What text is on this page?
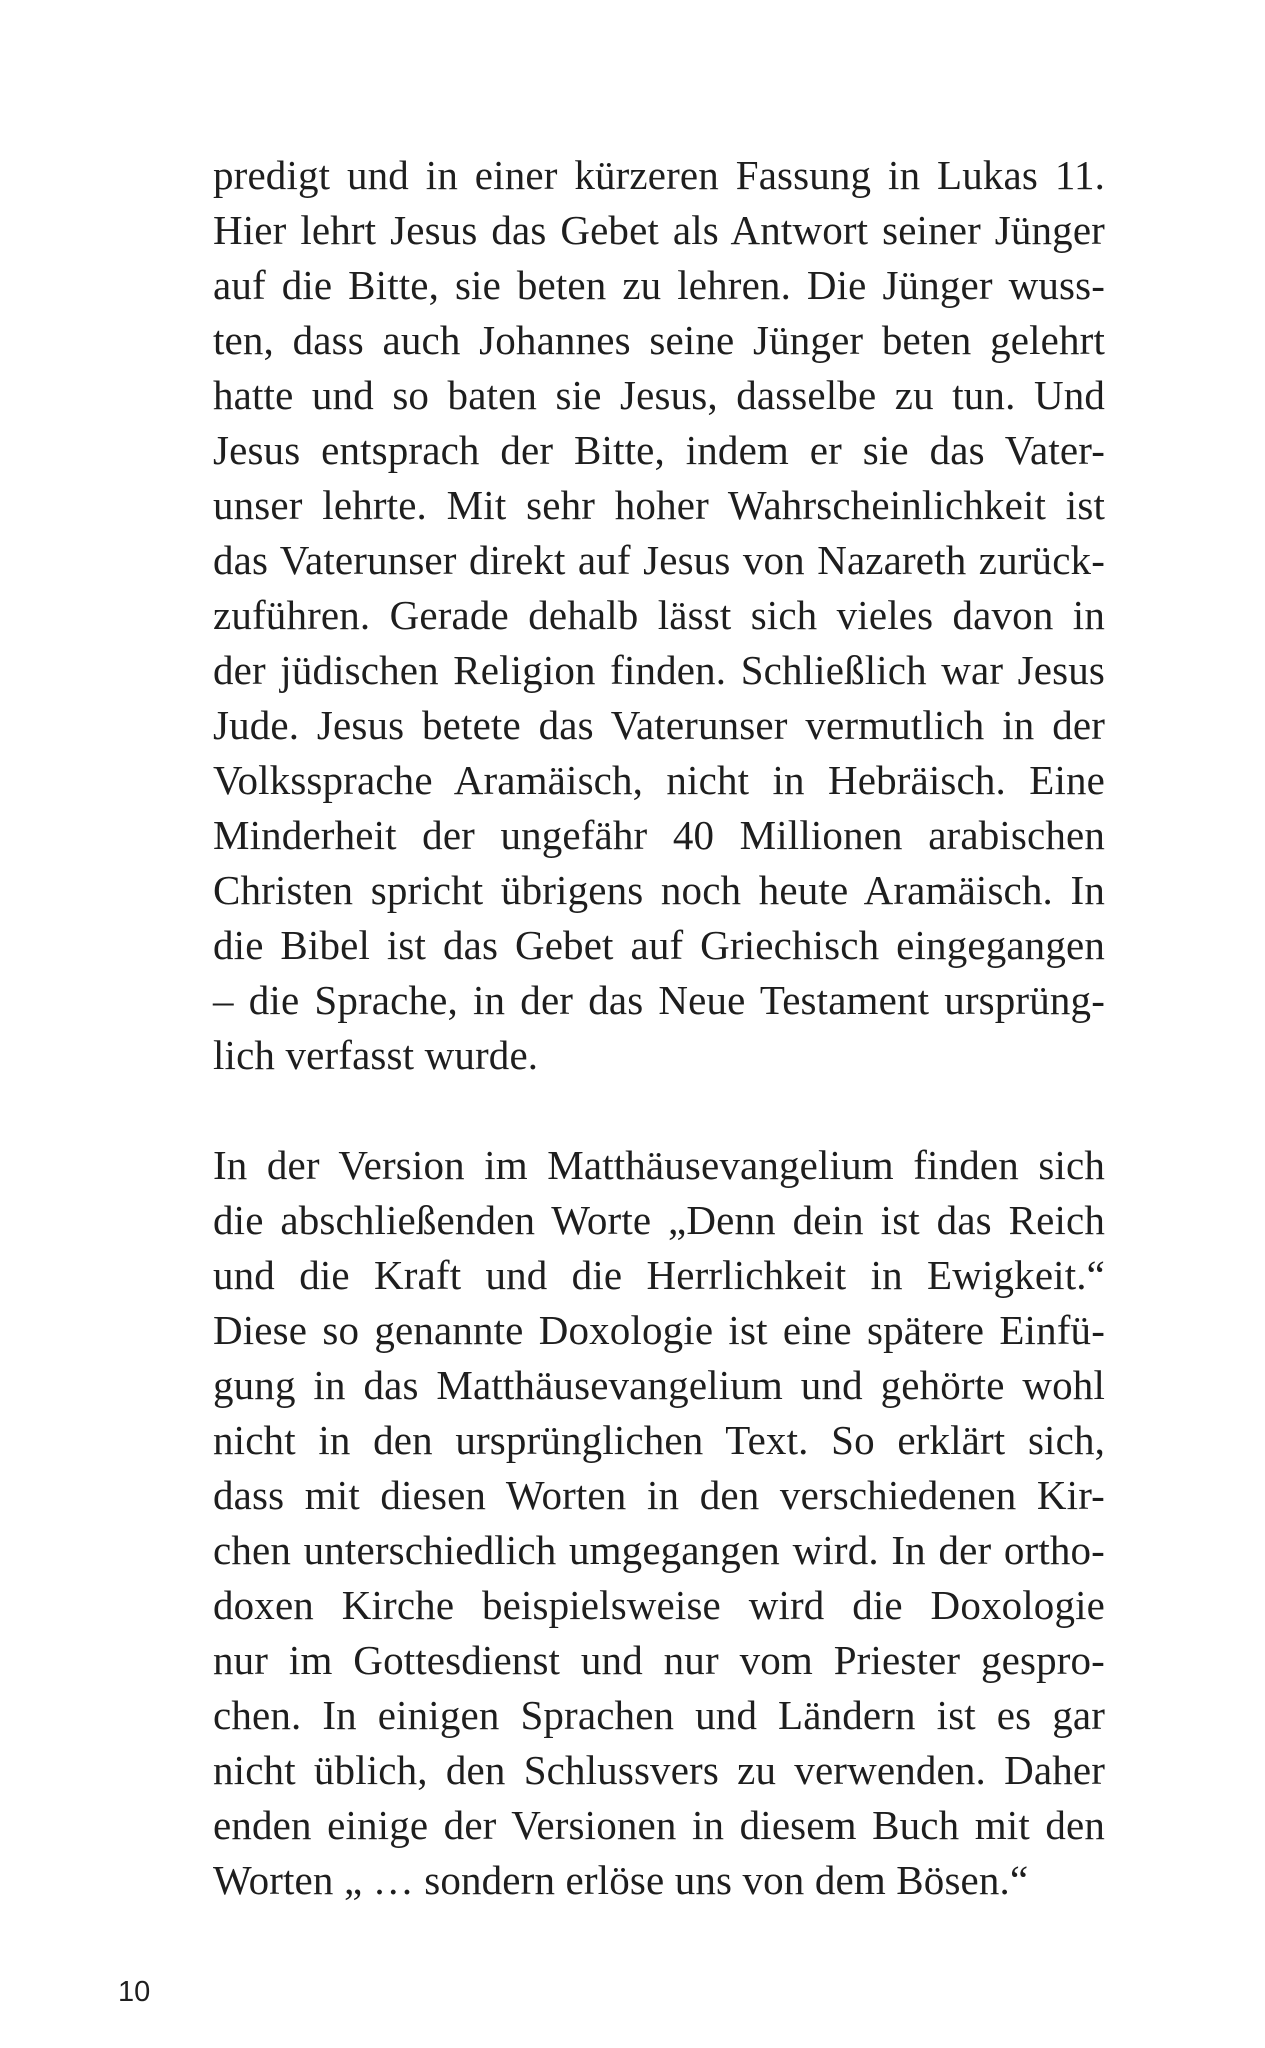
predigt und in einer kürzeren Fassung in Lukas 11.
Hier lehrt Jesus das Gebet als Antwort seiner Jünger
auf die Bitte, sie beten zu lehren. Die Jünger wuss-
ten, dass auch Johannes seine Jünger beten gelehrt
hatte und so baten sie Jesus, dasselbe zu tun. Und
Jesus entsprach der Bitte, indem er sie das Vater-
unser lehrte. Mit sehr hoher Wahrscheinlichkeit ist
das Vaterunser direkt auf Jesus von Nazareth zurück-
zuführen. Gerade dehalb lässt sich vieles davon in
der jüdischen Religion finden. Schließlich war Jesus
Jude. Jesus betete das Vaterunser vermutlich in der
Volkssprache Aramäisch, nicht in Hebräisch. Eine
Minderheit der ungefähr 40 Millionen arabischen
Christen spricht übrigens noch heute Aramäisch. In
die Bibel ist das Gebet auf Griechisch eingegangen
– die Sprache, in der das Neue Testament ursprüng-
lich verfasst wurde.
In der Version im Matthäusevangelium finden sich
die abschließenden Worte „Denn dein ist das Reich
und die Kraft und die Herrlichkeit in Ewigkeit.“
Diese so genannte Doxologie ist eine spätere Einfü-
gung in das Matthäusevangelium und gehörte wohl
nicht in den ursprünglichen Text. So erklärt sich,
dass mit diesen Worten in den verschiedenen Kir-
chen unterschiedlich umgegangen wird. In der ortho-
doxen Kirche beispielsweise wird die Doxologie
nur im Gottesdienst und nur vom Priester gespro-
chen. In einigen Sprachen und Ländern ist es gar
nicht üblich, den Schlussvers zu verwenden. Daher
enden einige der Versionen in diesem Buch mit den
Worten „ … sondern erlöse uns von dem Bösen.“
10
